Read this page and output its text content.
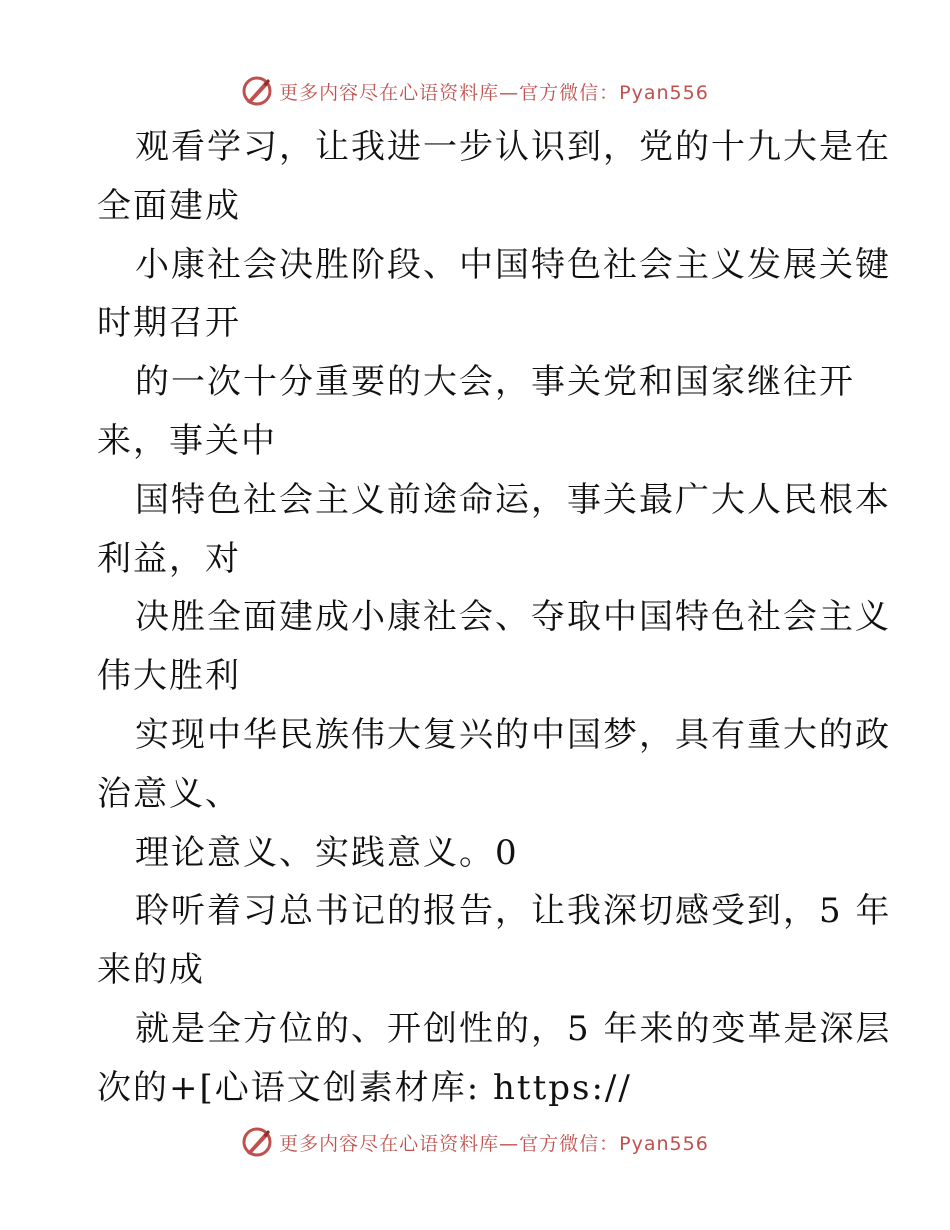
更多内容尽在心语资料库—官方微信：Pyan556
观看学习，让我进一步认识到，党的十九大是在
全面建成
小康社会决胜阶段、中国特色社会主义发展关键
时期召开
的一次十分重要的大会，事关党和国家继往开
来，事关中
国特色社会主义前途命运，事关最广大人民根本
利益，对
决胜全面建成小康社会、夺取中国特色社会主义
伟大胜利
实现中华民族伟大复兴的中国梦，具有重大的政
治意义、
理论意义、实践意义。0
聆听着习总书记的报告，让我深切感受到，5 年
来的成
就是全方位的、开创性的，5 年来的变革是深层
次的+[心语文创素材库: https://
更多内容尽在心语资料库—官方微信：Pyan556
